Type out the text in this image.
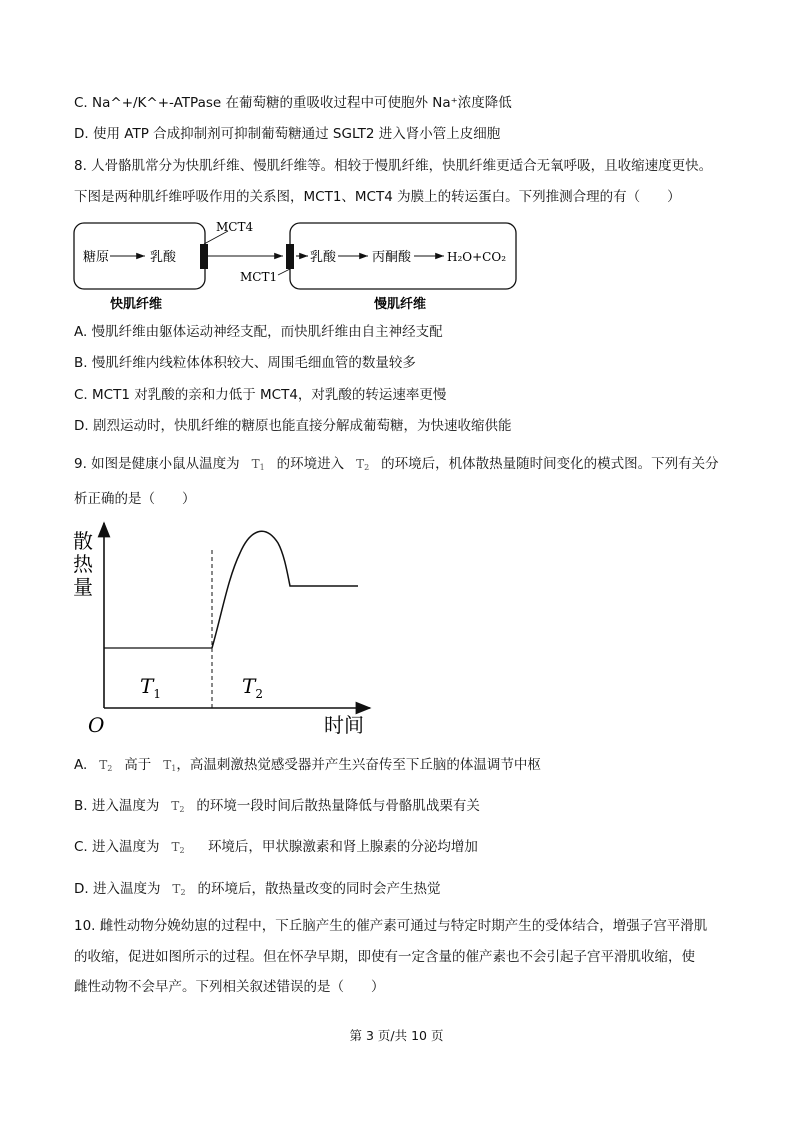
C. Na^+/K^+-ATPase 在葡萄糖的重吸收过程中可使胞外 Na⁺浓度降低
D. 使用 ATP 合成抑制剂可抑制葡萄糖通过 SGLT2 进入肾小管上皮细胞
8. 人骨骼肌常分为快肌纤维、慢肌纤维等。相较于慢肌纤维，快肌纤维更适合无氧呼吸，且收缩速度更快。
下图是两种肌纤维呼吸作用的关系图，MCT1、MCT4 为膜上的转运蛋白。下列推测合理的有（　　）
MCT4
MCT1
糖原	乳酸	乳酸	丙酮酸	H₂O+CO₂
快肌纤维	慢肌纤维
A. 慢肌纤维由躯体运动神经支配，而快肌纤维由自主神经支配
B. 慢肌纤维内线粒体体积较大、周围毛细血管的数量较多
C. MCT1 对乳酸的亲和力低于 MCT4，对乳酸的转运速率更慢
D. 剧烈运动时，快肌纤维的糖原也能直接分解成葡萄糖，为快速收缩供能
9. 如图是健康小鼠从温度为 $T_1$ 的环境进入 $T_2$ 的环境后，机体散热量随时间变化的模式图。下列有关分
析正确的是（　　）
散
热
量
O	时间
$T_1$	$T_2$
A. $T_2$ 高于 $T_1$，高温刺激热觉感受器并产生兴奋传至下丘脑的体温调节中枢
B. 进入温度为 $T_2$ 的环境一段时间后散热量降低与骨骼肌战栗有关
C. 进入温度为 $T_2$ 环境后，甲状腺激素和肾上腺素的分泌均增加
D. 进入温度为 $T_2$ 的环境后，散热量改变的同时会产生热觉
10. 雌性动物分娩幼崽的过程中，下丘脑产生的催产素可通过与特定时期产生的受体结合，增强子宫平滑肌
的收缩，促进如图所示的过程。但在怀孕早期，即使有一定含量的催产素也不会引起子宫平滑肌收缩，使
雌性动物不会早产。下列相关叙述错误的是（　　）
第 3 页/共 10 页
